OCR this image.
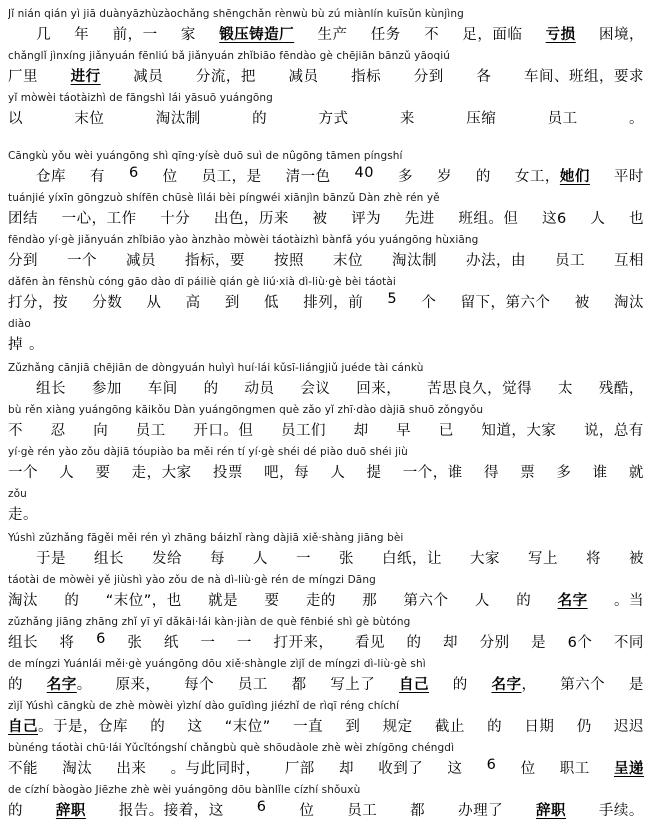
Jǐ nián qián yì jiā duànyāzhùzàochǎng shēngchǎn rènwù bù zú miànlín kuīsǔn kùnjìng
几 年 前，一 家 锻压铸造厂 生产 任务 不 足，面临 亏损 困境，
chǎnglǐ jìnxíng jiǎnyuán fēnliú bǎ jiǎnyuán zhǐbiāo fēndào gè chējiān bānzǔ yāoqiú
厂里 进行 减员 分流，把 减员 指标 分到 各 车间、班组，要求
yǐ mòwèi táotàizhì de fāngshì lái yāsuō yuángōng
以	末位	淘汰制	的	方式	来	压缩	员工	。
Cāngkù yǒu wèi yuángōng shì qīng·yísè duō suì de nǚgōng tāmen píngshí
仓库 有 6 位 员工，是 清一色 40 多 岁 的 女工，她们 平时
tuánjié yíxīn gōngzuò shífēn chūsè lìlái bèi píngwéi xiānjìn bānzǔ Dàn zhè rén yě
团结 一心，工作 十分 出色，历来 被 评为 先进 班组。但 这6 人 也
fēndào yí·gè jiǎnyuán zhǐbiāo yào ànzhào mòwèi táotàizhì bànfǎ yóu yuángōng hùxiāng
分到 一个 减员 指标，要 按照 末位 淘汰制 办法，由 员工 互相
dǎfēn àn fēnshù cóng gāo dào dī páiliè qián gè liú·xià dì-liù·gè bèi táotài
打分，按 分数 从 高 到 低 排列，前 5 个 留下，第六个 被 淘汰
diào
掉 。
Zǔzhǎng cānjiā chējiān de dòngyuán huìyì huí·lái kǔsī-liángjiǔ juéde tài cánkù
组长 参加 车间 的 动员 会议 回来， 苦思良久，觉得 太 残酷，
bù rěn xiàng yuángōng kāikǒu Dàn yuángōngmen què zǎo yǐ zhī·dào dàjiā shuō zǒngyǒu
不 忍 向 员工 开口。但 员工们 却 早 已 知道，大家 说，总有
yí·gè rén yào zǒu dàjiā tóupiào ba měi rén tí yí·gè shéi dé piào duō shéi jiù
一个 人 要 走，大家 投票 吧，每 人 提 一个，谁 得 票 多 谁 就
zǒu
走。
Yúshì zǔzhǎng fāgěi měi rén yì zhāng báizhǐ ràng dàjiā xiě·shàng jiāng bèi
于是 组长 发给 每 人 一 张 白纸，让 大家 写上 将 被
táotài de mòwèi yě jiùshì yào zǒu de nà dì-liù·gè rén de míngzi Dāng
淘汰 的 “末位”，也 就是 要 走的 那 第六个 人 的 名字 。当
zǔzhǎng jiāng zhāng zhǐ yī yī dǎkāi·lái kàn·jiàn de què fēnbié shì gè bùtóng
组长 将 6 张 纸 一 一 打开来， 看见 的 却 分别 是 6个 不同
de míngzi Yuánlái měi·gè yuángōng dōu xiě·shàngle zìjǐ de míngzi dì-liù·gè shì
的 名字。 原来， 每个 员工 都 写上了 自己 的 名字， 第六个 是
zìjǐ Yúshì cāngkù de zhè mòwèi yìzhí dào guīdìng jiézhǐ de rìqī réng chíchí
自己。于是，仓库 的 这 “末位” 一直 到 规定 截止 的 日期 仍 迟迟
bùnéng táotài chū·lái Yǔcǐtóngshí chǎngbù què shōudàole zhè wèi zhígōng chéngdì
不能 淘汰 出来 。与此同时， 厂部 却 收到了 这 6 位 职工 呈递
de cízhí bàogào Jiēzhe zhè wèi yuángōng dōu bànlǐle cízhí shǒuxù
的 辞职 报告。接着，这 6 位 员工 都 办理了 辞职 手续。
